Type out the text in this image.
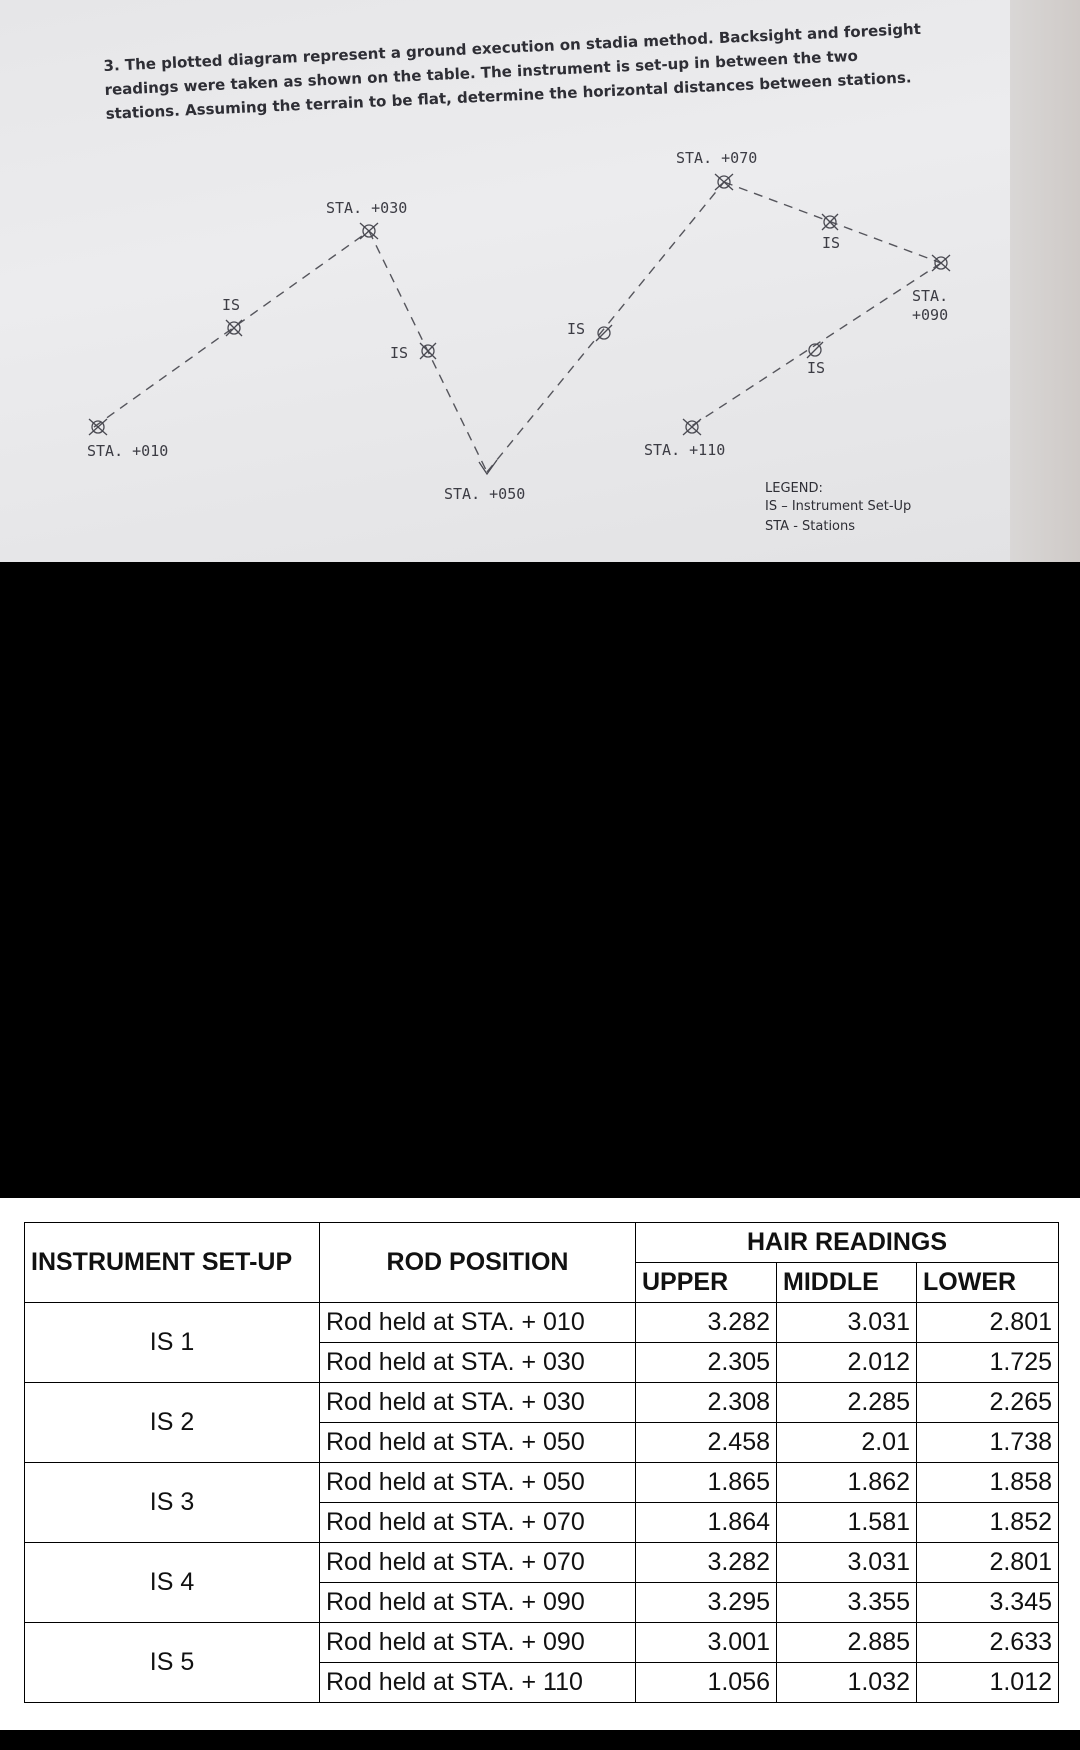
3. The plotted diagram represent a ground execution on stadia method. Backsight and foresight readings were taken as shown on the table. The instrument is set-up in between the two stations. Assuming the terrain to be flat, determine the horizontal distances between stations.

STA. +010
STA. +030
STA. +050
STA. +070
STA.
+090
STA. +110
IS
IS
IS
IS
IS
LEGEND:
IS – Instrument Set-Up
STA - Stations
INSTRUMENT SET-UP	ROD POSITION	HAIR READINGS		
		UPPER	MIDDLE	LOWER
IS 1	Rod held at STA. + 010	3.282	3.031	2.801
	Rod held at STA. + 030	2.305	2.012	1.725
IS 2	Rod held at STA. + 030	2.308	2.285	2.265
	Rod held at STA. + 050	2.458	2.01	1.738
IS 3	Rod held at STA. + 050	1.865	1.862	1.858
	Rod held at STA. + 070	1.864	1.581	1.852
IS 4	Rod held at STA. + 070	3.282	3.031	2.801
	Rod held at STA. + 090	3.295	3.355	3.345
IS 5	Rod held at STA. + 090	3.001	2.885	2.633
	Rod held at STA. + 110	1.056	1.032	1.012
